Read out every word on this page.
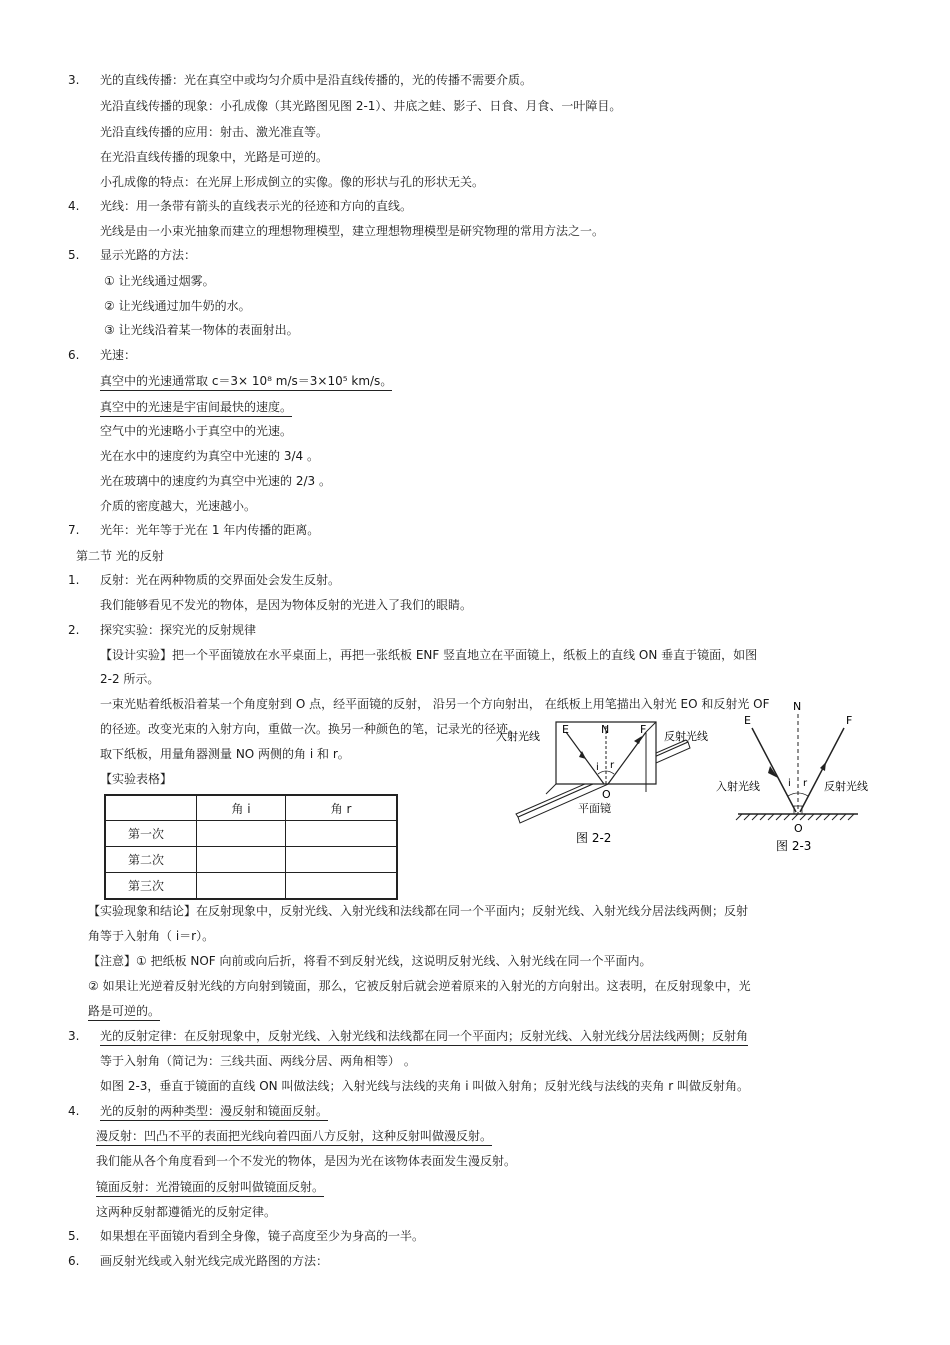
3. 光的直线传播：光在真空中或均匀介质中是沿直线传播的，光的传播不需要介质。
光沿直线传播的现象：小孔成像（其光路图见图 2-1）、井底之蛙、影子、日食、月食、一叶障目。
光沿直线传播的应用：射击、激光准直等。
在光沿直线传播的现象中，光路是可逆的。
小孔成像的特点：在光屏上形成倒立的实像。像的形状与孔的形状无关。
4. 光线：用一条带有箭头的直线表示光的径迹和方向的直线。
光线是由一小束光抽象而建立的理想物理模型，建立理想物理模型是研究物理的常用方法之一。
5. 显示光路的方法：
① 让光线通过烟雾。
② 让光线通过加牛奶的水。
③ 让光线沿着某一物体的表面射出。
6. 光速：
真空中的光速通常取 c＝3× 10⁸ m/s＝3×10⁵ km/s。
真空中的光速是宇宙间最快的速度。
空气中的光速略小于真空中的光速。
光在水中的速度约为真空中光速的 3/4 。
光在玻璃中的速度约为真空中光速的 2/3 。
介质的密度越大，光速越小。
7. 光年：光年等于光在 1 年内传播的距离。
第二节 光的反射
1. 反射：光在两种物质的交界面处会发生反射。
我们能够看见不发光的物体，是因为物体反射的光进入了我们的眼睛。
2. 探究实验：探究光的反射规律
【设计实验】把一个平面镜放在水平桌面上，再把一张纸板 ENF 竖直地立在平面镜上，纸板上的直线 ON 垂直于镜面，如图
2-2 所示。
一束光贴着纸板沿着某一个角度射到 O 点，经平面镜的反射， 沿另一个方向射出， 在纸板上用笔描出入射光 EO 和反射光 OF
的径迹。改变光束的入射方向，重做一次。换另一种颜色的笔，记录光的径迹。
取下纸板，用量角器测量 NO 两侧的角 i 和 r。
【实验表格】
	角 i	角 r
第一次		
第二次		
第三次		
E	N	F
i r
O
入射光线	反射光线
平面镜
图 2-2
E
N
F
i r
O
入射光线	反射光线
图 2-3
【实验现象和结论】在反射现象中，反射光线、入射光线和法线都在同一个平面内；反射光线、入射光线分居法线两侧；反射
角等于入射角（ i＝r）。
【注意】① 把纸板 NOF 向前或向后折，将看不到反射光线，这说明反射光线、入射光线在同一个平面内。
② 如果让光逆着反射光线的方向射到镜面，那么，它被反射后就会逆着原来的入射光的方向射出。这表明，在反射现象中，光
路是可逆的。
3. 光的反射定律：在反射现象中，反射光线、入射光线和法线都在同一个平面内；反射光线、入射光线分居法线两侧；反射角
等于入射角（简记为：三线共面、两线分居、两角相等） 。
如图 2-3，垂直于镜面的直线 ON 叫做法线；入射光线与法线的夹角 i 叫做入射角；反射光线与法线的夹角 r 叫做反射角。
4. 光的反射的两种类型：漫反射和镜面反射。
漫反射：凹凸不平的表面把光线向着四面八方反射，这种反射叫做漫反射。
我们能从各个角度看到一个不发光的物体，是因为光在该物体表面发生漫反射。
镜面反射：光滑镜面的反射叫做镜面反射。
这两种反射都遵循光的反射定律。
5. 如果想在平面镜内看到全身像，镜子高度至少为身高的一半。
6. 画反射光线或入射光线完成光路图的方法：
